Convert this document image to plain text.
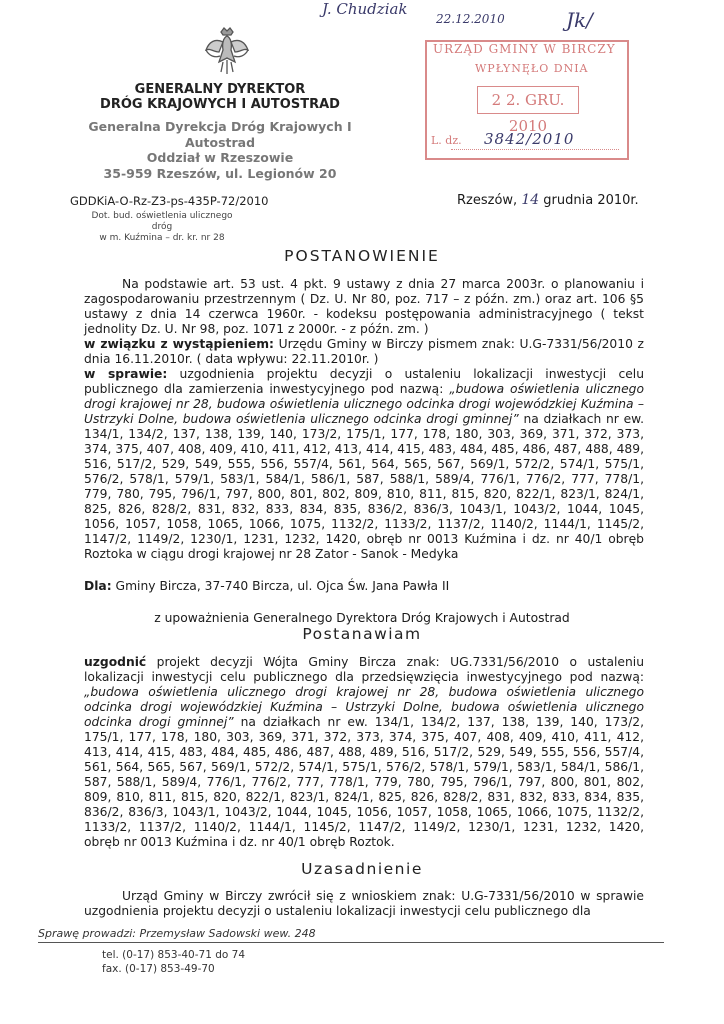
GENERALNY DYREKTOR
DRÓG KRAJOWYCH I AUTOSTRAD
Generalna Dyrekcja Dróg Krajowych I
Autostrad
Oddział w Rzeszowie
35-959 Rzeszów, ul. Legionów 20
J. Chudziak
22.12.2010	Jk/
URZĄD GMINY W BIRCZY
WPŁYNĘŁO DNIA
2 2. GRU. 2010
L. dz. 3842/2010
GDDKiA-O-Rz-Z3-ps-435P-72/2010	Rzeszów, 14 grudnia 2010r.
Dot. bud. oświetlenia ulicznego dróg
w m. Kuźmina – dr. kr. nr 28
POSTANOWIENIE
Na podstawie art. 53 ust. 4 pkt. 9 ustawy z dnia 27 marca 2003r. o planowaniu i zagospodarowaniu przestrzennym ( Dz. U. Nr 80, poz. 717 – z późn. zm.) oraz art. 106 §5 ustawy z dnia 14 czerwca 1960r. - kodeksu postępowania administracyjnego ( tekst jednolity Dz. U. Nr 98, poz. 1071 z 2000r. - z późn. zm. )
w związku z wystąpieniem: Urzędu Gminy w Birczy pismem znak: U.G-7331/56/2010 z dnia 16.11.2010r. ( data wpływu: 22.11.2010r. )
w sprawie: uzgodnienia projektu decyzji o ustaleniu lokalizacji inwestycji celu publicznego dla zamierzenia inwestycyjnego pod nazwą: „budowa oświetlenia ulicznego drogi krajowej nr 28, budowa oświetlenia ulicznego odcinka drogi wojewódzkiej Kuźmina – Ustrzyki Dolne, budowa oświetlenia ulicznego odcinka drogi gminnej” na działkach nr ew. 134/1, 134/2, 137, 138, 139, 140, 173/2, 175/1, 177, 178, 180, 303, 369, 371, 372, 373, 374, 375, 407, 408, 409, 410, 411, 412, 413, 414, 415, 483, 484, 485, 486, 487, 488, 489, 516, 517/2, 529, 549, 555, 556, 557/4, 561, 564, 565, 567, 569/1, 572/2, 574/1, 575/1, 576/2, 578/1, 579/1, 583/1, 584/1, 586/1, 587, 588/1, 589/4, 776/1, 776/2, 777, 778/1, 779, 780, 795, 796/1, 797, 800, 801, 802, 809, 810, 811, 815, 820, 822/1, 823/1, 824/1, 825, 826, 828/2, 831, 832, 833, 834, 835, 836/2, 836/3, 1043/1, 1043/2, 1044, 1045, 1056, 1057, 1058, 1065, 1066, 1075, 1132/2, 1133/2, 1137/2, 1140/2, 1144/1, 1145/2, 1147/2, 1149/2, 1230/1, 1231, 1232, 1420, obręb nr 0013 Kuźmina i dz. nr 40/1 obręb Roztoka w ciągu drogi krajowej nr 28 Zator - Sanok - Medyka
Dla: Gminy Bircza, 37-740 Bircza, ul. Ojca Św. Jana Pawła II
z upoważnienia Generalnego Dyrektora Dróg Krajowych i Autostrad
Postanawiam
uzgodnić projekt decyzji Wójta Gminy Bircza znak: UG.7331/56/2010 o ustaleniu lokalizacji inwestycji celu publicznego dla przedsięwzięcia inwestycyjnego pod nazwą: „budowa oświetlenia ulicznego drogi krajowej nr 28, budowa oświetlenia ulicznego odcinka drogi wojewódzkiej Kuźmina – Ustrzyki Dolne, budowa oświetlenia ulicznego odcinka drogi gminnej” na działkach nr ew. 134/1, 134/2, 137, 138, 139, 140, 173/2, 175/1, 177, 178, 180, 303, 369, 371, 372, 373, 374, 375, 407, 408, 409, 410, 411, 412, 413, 414, 415, 483, 484, 485, 486, 487, 488, 489, 516, 517/2, 529, 549, 555, 556, 557/4, 561, 564, 565, 567, 569/1, 572/2, 574/1, 575/1, 576/2, 578/1, 579/1, 583/1, 584/1, 586/1, 587, 588/1, 589/4, 776/1, 776/2, 777, 778/1, 779, 780, 795, 796/1, 797, 800, 801, 802, 809, 810, 811, 815, 820, 822/1, 823/1, 824/1, 825, 826, 828/2, 831, 832, 833, 834, 835, 836/2, 836/3, 1043/1, 1043/2, 1044, 1045, 1056, 1057, 1058, 1065, 1066, 1075, 1132/2, 1133/2, 1137/2, 1140/2, 1144/1, 1145/2, 1147/2, 1149/2, 1230/1, 1231, 1232, 1420, obręb nr 0013 Kuźmina i dz. nr 40/1 obręb Roztok.
Uzasadnienie
Urząd Gminy w Birczy zwrócił się z wnioskiem znak: U.G-7331/56/2010 w sprawie uzgodnienia projektu decyzji o ustaleniu lokalizacji inwestycji celu publicznego dla
Sprawę prowadzi: Przemysław Sadowski wew. 248
tel. (0-17) 853-40-71 do 74
fax. (0-17) 853-49-70
